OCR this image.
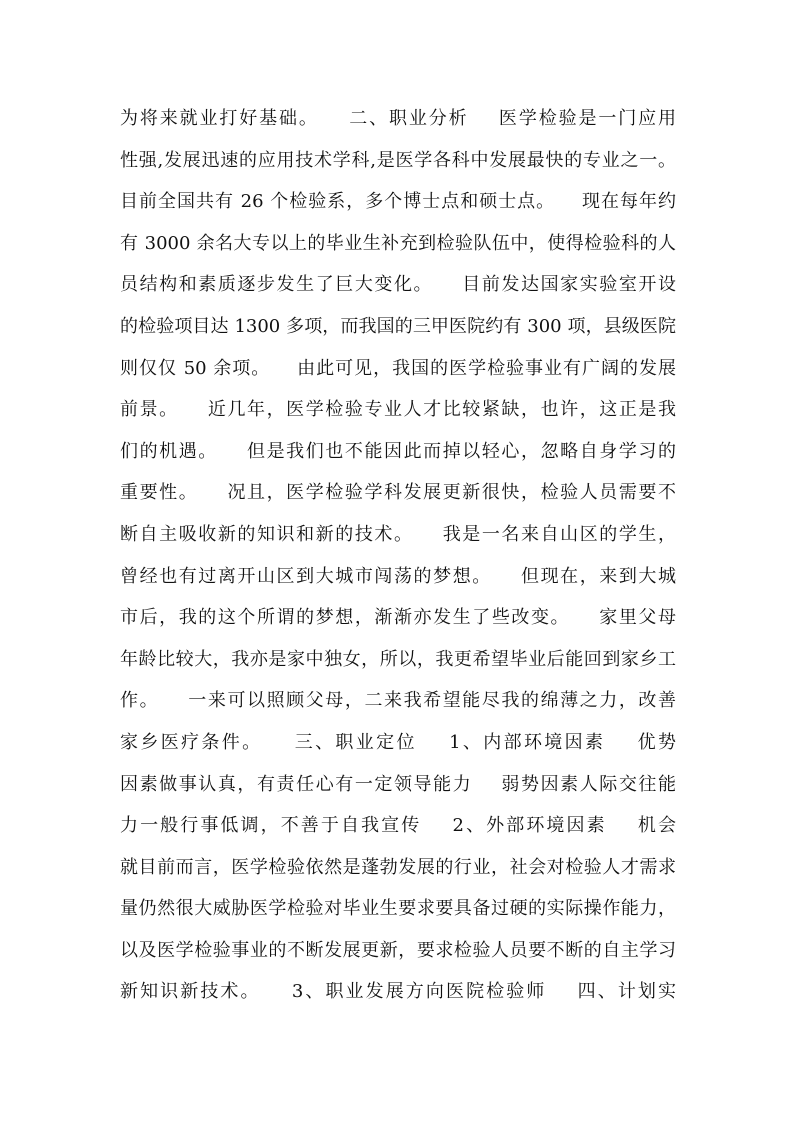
为将来就业打好基础。    二、职业分析    医学检验是一门应用
性强,发展迅速的应用技术学科,是医学各科中发展最快的专业之一。
目前全国共有 26 个检验系，多个博士点和硕士点。    现在每年约
有 3000 余名大专以上的毕业生补充到检验队伍中，使得检验科的人
员结构和素质逐步发生了巨大变化。    目前发达国家实验室开设
的检验项目达 1300 多项，而我国的三甲医院约有 300 项，县级医院
则仅仅 50 余项。    由此可见，我国的医学检验事业有广阔的发展
前景。    近几年，医学检验专业人才比较紧缺，也许，这正是我
们的机遇。    但是我们也不能因此而掉以轻心，忽略自身学习的
重要性。    况且，医学检验学科发展更新很快，检验人员需要不
断自主吸收新的知识和新的技术。    我是一名来自山区的学生，
曾经也有过离开山区到大城市闯荡的梦想。    但现在，来到大城
市后，我的这个所谓的梦想，渐渐亦发生了些改变。    家里父母
年龄比较大，我亦是家中独女，所以，我更希望毕业后能回到家乡工
作。    一来可以照顾父母，二来我希望能尽我的绵薄之力，改善
家乡医疗条件。    三、职业定位    1、内部环境因素    优势
因素做事认真，有责任心有一定领导能力    弱势因素人际交往能
力一般行事低调，不善于自我宣传    2、外部环境因素    机会
就目前而言，医学检验依然是蓬勃发展的行业，社会对检验人才需求
量仍然很大威胁医学检验对毕业生要求要具备过硬的实际操作能力，
以及医学检验事业的不断发展更新，要求检验人员要不断的自主学习
新知识新技术。    3、职业发展方向医院检验师    四、计划实
